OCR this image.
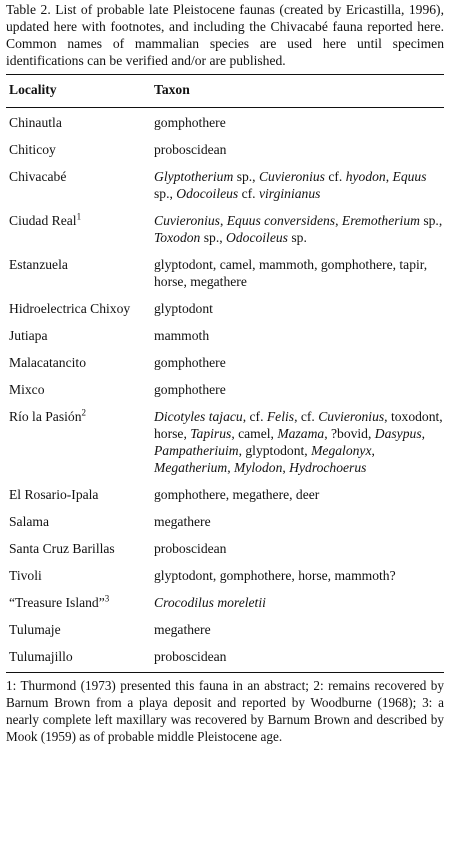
Table 2. List of probable late Pleistocene faunas (created by Ericastilla, 1996), updated here with footnotes, and including the Chivacabé fauna reported here. Common names of mammalian species are used here until specimen identifications can be verified and/or are published.

Locality	Taxon
Chinautla	gomphothere
Chiticoy	proboscidean
Chivacabé	Glyptotherium sp., Cuvieronius cf. hyodon, Equus sp., Odocoileus cf. virginianus
Ciudad Real$^1$	Cuvieronius, Equus conversidens, Eremotherium sp., Toxodon sp., Odocoileus sp.
Estanzuela	glyptodont, camel, mammoth, gomphothere, tapir, horse, megathere
Hidroelectrica Chixoy	glyptodont
Jutiapa	mammoth
Malacatancito	gomphothere
Mixco	gomphothere
Río la Pasión$^2$	Dicotyles tajacu, cf. Felis, cf. Cuvieronius, toxodont, horse, Tapirus, camel, Mazama, ?bovid, Dasypus, Pampatheriuim, glyptodont, Megalonyx, Megatherium, Mylodon, Hydrochoerus
El Rosario-Ipala	gomphothere, megathere, deer
Salama	megathere
Santa Cruz Barillas	proboscidean
Tivoli	glyptodont, gomphothere, horse, mammoth?
“Treasure Island”$^3$	Crocodilus moreletii
Tulumaje	megathere
Tulumajillo	proboscidean

1: Thurmond (1973) presented this fauna in an abstract; 2: remains recovered by Barnum Brown from a playa deposit and reported by Woodburne (1968); 3: a nearly complete left maxillary was recovered by Barnum Brown and described by Mook (1959) as of probable middle Pleistocene age.
